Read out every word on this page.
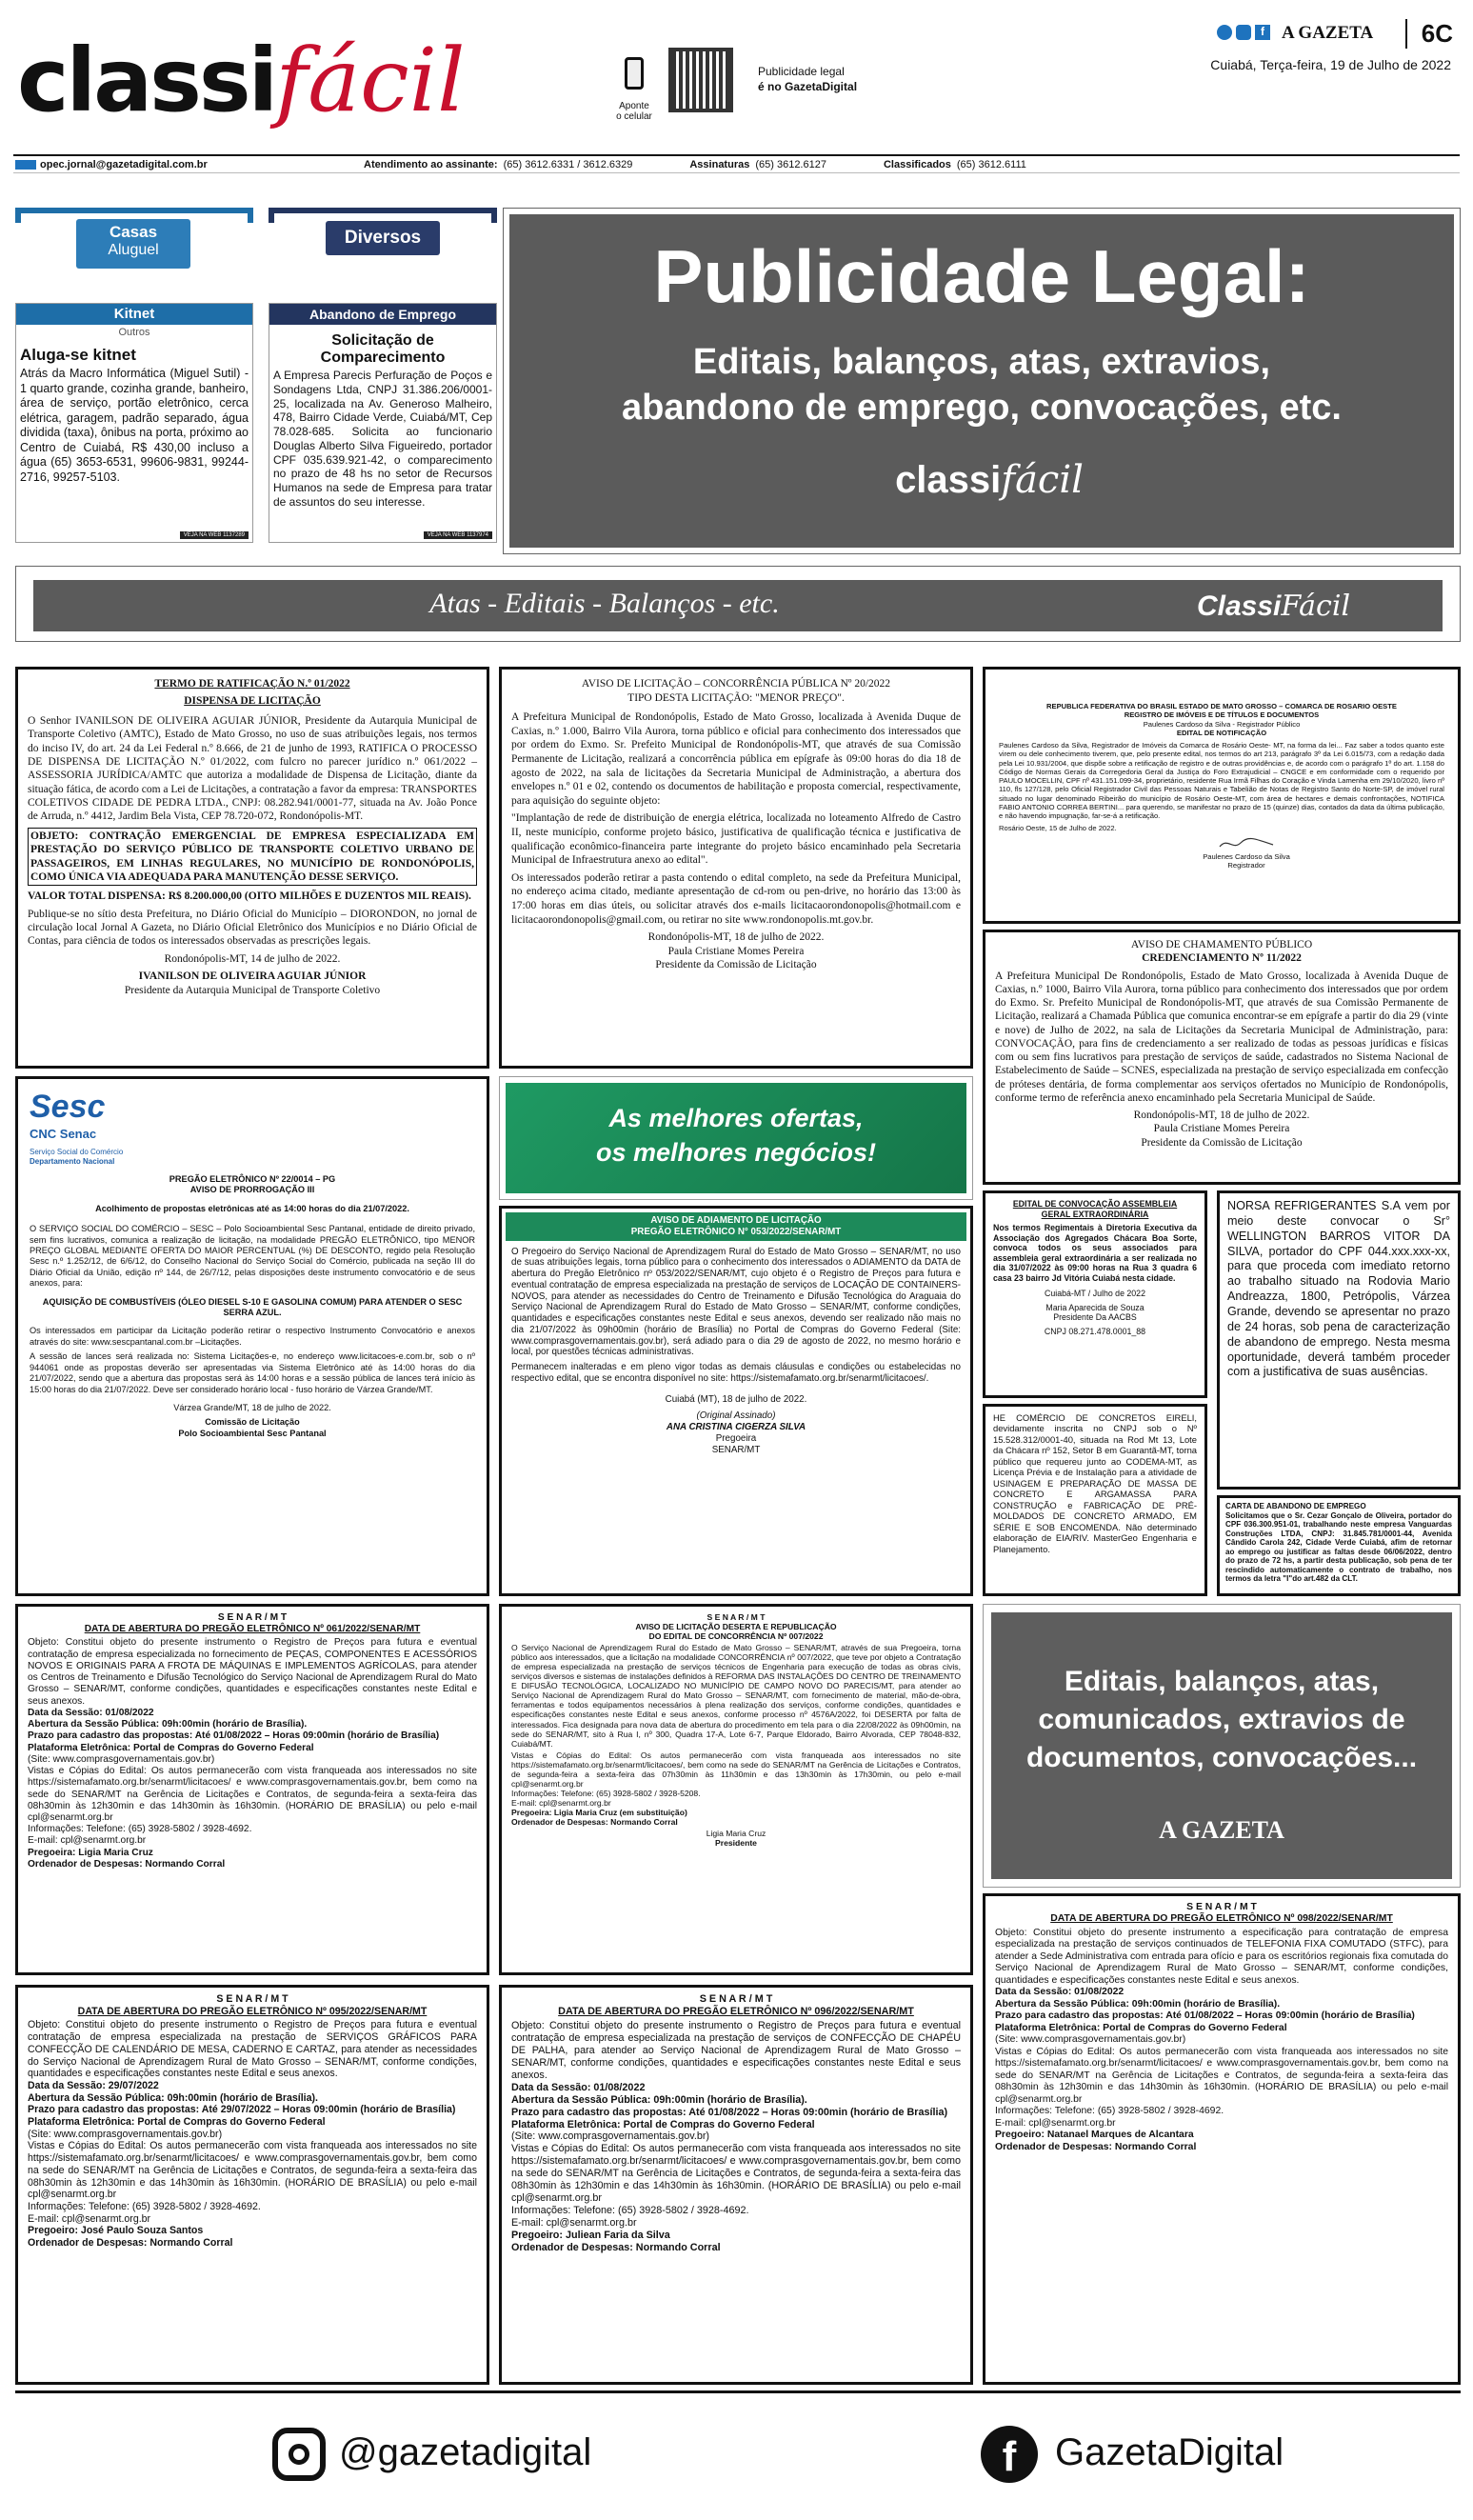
classifácil	Aponte
o celular
Publicidade legal
é no GazetaDigital
f A GAZETA	6C
Cuiabá, Terça-feira, 19 de Julho de 2022
opec.jornal@gazetadigital.com.br	Atendimento ao assinante: (65) 3612.6331 / 3612.6329	Assinaturas (65) 3612.6127	Classificados (65) 3612.6111
Casas
Aluguel
Diversos
Kitnet
Outros
Aluga-se kitnet
Atrás da Macro Informática (Miguel Sutil) - 1 quarto grande, cozinha grande, banheiro, área de serviço, portão eletrônico, cerca elétrica, garagem, padrão separado, água dividida (taxa), ônibus na porta, próximo ao Centro de Cuiabá, R$ 430,00 incluso a água (65) 3653-6531, 99606-9831, 99244-2716, 99257-5103.
VEJA NA WEB 1137289
Abandono de Emprego
Solicitação de
Comparecimento
A Empresa Parecis Perfuração de Poços e Sondagens Ltda, CNPJ 31.386.206/0001-25, localizada na Av. Generoso Malheiro, 478, Bairro Cidade Verde, Cuiabá/MT, Cep 78.028-685. Solicita ao funcionario Douglas Alberto Silva Figueiredo, portador CPF 035.639.921-42, o comparecimento no prazo de 48 hs no setor de Recursos Humanos na sede de Empresa para tratar de assuntos do seu interesse.
VEJA NA WEB 1137974
Publicidade Legal:
Editais, balanços, atas, extravios,
abandono de emprego, convocações, etc.
classifácil
Atas - Editais - Balanços - etc.	ClassiFácil

TERMO DE RATIFICAÇÃO N.º 01/2022

DISPENSA DE LICITAÇÃO

O Senhor IVANILSON DE OLIVEIRA AGUIAR JÚNIOR, Presidente da Autarquia Municipal de Transporte Coletivo (AMTC), Estado de Mato Grosso, no uso de suas atribuições legais, nos termos do inciso IV, do art. 24 da Lei Federal n.º 8.666, de 21 de junho de 1993, RATIFICA O PROCESSO DE DISPENSA DE LICITAÇÃO N.º 01/2022, com fulcro no parecer jurídico n.º 061/2022 – ASSESSORIA JURÍDICA/AMTC que autoriza a modalidade de Dispensa de Licitação, diante da situação fática, de acordo com a Lei de Licitações, a contratação a favor da empresa: TRANSPORTES COLETIVOS CIDADE DE PEDRA LTDA., CNPJ: 08.282.941/0001-77, situada na Av. João Ponce de Arruda, n.º 4412, Jardim Bela Vista, CEP 78.720-072, Rondonópolis-MT.

OBJETO: CONTRAÇÃO EMERGENCIAL DE EMPRESA ESPECIALIZADA EM PRESTAÇÃO DO SERVIÇO PÚBLICO DE TRANSPORTE COLETIVO URBANO DE PASSAGEIROS, EM LINHAS REGULARES, NO MUNICÍPIO DE RONDONÓPOLIS, COMO ÚNICA VIA ADEQUADA PARA MANUTENÇÃO DESSE SERVIÇO.

VALOR TOTAL DISPENSA: R$ 8.200.000,00 (OITO MILHÕES E DUZENTOS MIL REAIS).

Publique-se no sítio desta Prefeitura, no Diário Oficial do Município – DIORONDON, no jornal de circulação local Jornal A Gazeta, no Diário Oficial Eletrônico dos Municípios e no Diário Oficial de Contas, para ciência de todos os interessados observadas as prescrições legais.

Rondonópolis-MT, 14 de julho de 2022.

IVANILSON DE OLIVEIRA AGUIAR JÚNIOR

Presidente da Autarquia Municipal de Transporte Coletivo

AVISO DE LICITAÇÃO – CONCORRÊNCIA PÚBLICA Nº 20/2022

TIPO DESTA LICITAÇÃO: "MENOR PREÇO".

A Prefeitura Municipal de Rondonópolis, Estado de Mato Grosso, localizada à Avenida Duque de Caxias, n.º 1.000, Bairro Vila Aurora, torna público e oficial para conhecimento dos interessados que por ordem do Exmo. Sr. Prefeito Municipal de Rondonópolis-MT, que através de sua Comissão Permanente de Licitação, realizará a concorrência pública em epígrafe às 09:00 horas do dia 18 de agosto de 2022, na sala de licitações da Secretaria Municipal de Administração, a abertura dos envelopes n.º 01 e 02, contendo os documentos de habilitação e proposta comercial, respectivamente, para aquisição do seguinte objeto:

"Implantação de rede de distribuição de energia elétrica, localizada no loteamento Alfredo de Castro II, neste município, conforme projeto básico, justificativa de qualificação técnica e justificativa de qualificação econômico-financeira parte integrante do projeto básico encaminhado pela Secretaria Municipal de Infraestrutura anexo ao edital".

Os interessados poderão retirar a pasta contendo o edital completo, na sede da Prefeitura Municipal, no endereço acima citado, mediante apresentação de cd-rom ou pen-drive, no horário das 13:00 às 17:00 horas em dias úteis, ou solicitar através dos e-mails licitacaorondonopolis@hotmail.com e licitacaorondonopolis@gmail.com, ou retirar no site www.rondonopolis.mt.gov.br.

Rondonópolis-MT, 18 de julho de 2022.

Paula Cristiane Momes Pereira

Presidente da Comissão de Licitação

REPUBLICA FEDERATIVA DO BRASIL ESTADO DE MATO GROSSO – COMARCA DE ROSARIO OESTE

REGISTRO DE IMÓVEIS E DE TÍTULOS E DOCUMENTOS

Paulenes Cardoso da Silva - Registrador Público

EDITAL DE NOTIFICAÇÃO

Paulenes Cardoso da Silva, Registrador de Imóveis da Comarca de Rosário Oeste- MT, na forma da lei... Faz saber a todos quanto este virem ou dele conhecimento tiverem, que, pelo presente edital, nos termos do art 213, parágrafo 3º da Lei 6.015/73, com a redação dada pela Lei 10.931/2004, que dispõe sobre a retificação de registro e de outras providências e, de acordo com o parágrafo 1º do art. 1.158 do Código de Normas Gerais da Corregedoria Geral da Justiça do Foro Extrajudicial – CNGCE e em conformidade com o requerido por PAULO MOCELLIN, CPF nº 431.151.099-34, proprietário, residente Rua Irmã Filhas do Coração e Vinda Lamenha em 29/10/2020, livro nº 110, fls 127/128, pelo Oficial Registrador Civil das Pessoas Naturais e Tabelião de Notas de Registro Santo do Norte-SP, de imóvel rural situado no lugar denominado Ribeirão do município de Rosário Oeste-MT, com área de hectares e demais confrontações, NOTIFICA FABIO ANTONIO CORREA BERTINI... para querendo, se manifestar no prazo de 15 (quinze) dias, contados da data da última publicação, e não havendo impugnação, far-se-á a retificação.

Rosário Oeste, 15 de Julho de 2022.

Paulenes Cardoso da Silva
Registrador

AVISO DE CHAMAMENTO PÚBLICO

CREDENCIAMENTO Nº 11/2022

A Prefeitura Municipal De Rondonópolis, Estado de Mato Grosso, localizada à Avenida Duque de Caxias, n.º 1000, Bairro Vila Aurora, torna público para conhecimento dos interessados que por ordem do Exmo. Sr. Prefeito Municipal de Rondonópolis-MT, que através de sua Comissão Permanente de Licitação, realizará a Chamada Pública que comunica encontrar-se em epígrafe a partir do dia 29 (vinte e nove) de Julho de 2022, na sala de Licitações da Secretaria Municipal de Administração, para: CONVOCAÇÃO, para fins de credenciamento a ser realizado de todas as pessoas jurídicas e físicas com ou sem fins lucrativos para prestação de serviços de saúde, cadastrados no Sistema Nacional de Estabelecimento de Saúde – SCNES, especializada na prestação de serviço especializada em confecção de próteses dentária, de forma complementar aos serviços ofertados no Município de Rondonópolis, conforme termo de referência anexo encaminhado pela Secretaria Municipal de Saúde.

Rondonópolis-MT, 18 de julho de 2022.

Paula Cristiane Momes Pereira

Presidente da Comissão de Licitação

Sesc
CNC Senac
Serviço Social do Comércio
Departamento Nacional

PREGÃO ELETRÔNICO Nº 22/0014 – PG

AVISO DE PRORROGAÇÃO III

Acolhimento de propostas eletrônicas até as 14:00 horas do dia 21/07/2022.

O SERVIÇO SOCIAL DO COMÉRCIO – SESC – Polo Socioambiental Sesc Pantanal, entidade de direito privado, sem fins lucrativos, comunica a realização de licitação, na modalidade PREGÃO ELETRÔNICO, tipo MENOR PREÇO GLOBAL MEDIANTE OFERTA DO MAIOR PERCENTUAL (%) DE DESCONTO, regido pela Resolução Sesc n.º 1.252/12, de 6/6/12, do Conselho Nacional do Serviço Social do Comércio, publicada na seção III do Diário Oficial da União, edição nº 144, de 26/7/12, pelas disposições deste instrumento convocatório e de seus anexos, para:

AQUISIÇÃO DE COMBUSTÍVEIS (ÓLEO DIESEL S-10 E GASOLINA COMUM) PARA ATENDER O SESC SERRA AZUL.

Os interessados em participar da Licitação poderão retirar o respectivo Instrumento Convocatório e anexos através do site: www.sescpantanal.com.br –Licitações.

A sessão de lances será realizada no: Sistema Licitações-e, no endereço www.licitacoes-e.com.br, sob o nº 944061 onde as propostas deverão ser apresentadas via Sistema Eletrônico até às 14:00 horas do dia 21/07/2022, sendo que a abertura das propostas será às 14:00 horas e a sessão pública de lances terá início às 15:00 horas do dia 21/07/2022. Deve ser considerado horário local - fuso horário de Várzea Grande/MT.

Várzea Grande/MT, 18 de julho de 2022.

Comissão de Licitação

Polo Socioambiental Sesc Pantanal

As melhores ofertas,
os melhores negócios!
AVISO DE ADIAMENTO DE LICITAÇÃO
PREGÃO ELETRÔNICO N° 053/2022/SENAR/MT

O Pregoeiro do Serviço Nacional de Aprendizagem Rural do Estado de Mato Grosso – SENAR/MT, no uso de suas atribuições legais, torna público para o conhecimento dos interessados o ADIAMENTO da DATA de abertura do Pregão Eletrônico nº 053/2022/SENAR/MT, cujo objeto é o Registro de Preços para futura e eventual contratação de empresa especializada na prestação de serviços de LOCAÇÃO DE CONTAINERS-NOVOS, para atender as necessidades do Centro de Treinamento e Difusão Tecnológica do Araguaia do Serviço Nacional de Aprendizagem Rural do Estado de Mato Grosso – SENAR/MT, conforme condições, quantidades e especificações constantes neste Edital e seus anexos, devendo ser realizado não mais no dia 21/07/2022 às 09h00min (horário de Brasília) no Portal de Compras do Governo Federal (Site: www.comprasgovernamentais.gov.br), será adiado para o dia 29 de agosto de 2022, no mesmo horário e local, por questões técnicas administrativas.

Permanecem inalteradas e em pleno vigor todas as demais cláusulas e condições ou estabelecidas no respectivo edital, que se encontra disponível no site: https://sistemafamato.org.br/senarmt/licitacoes/.

Cuiabá (MT), 18 de julho de 2022.

(Original Assinado)

ANA CRISTINA CIGERZA SILVA

Pregoeira

SENAR/MT

EDITAL DE CONVOCAÇÃO ASSEMBLEIA

GERAL EXTRAORDINÁRIA

Nos termos Regimentais à Diretoria Executiva da Associação dos Agregados Chácara Boa Sorte, convoca todos os seus associados para assembleia geral extraordinária a ser realizada no dia 31/07/2022 às 09:00 horas na Rua 3 quadra 6 casa 23 bairro Jd Vitória Cuiabá nesta cidade.

Cuiabá-MT / Julho de 2022

Maria Aparecida de Souza

Presidente Da AACBS

CNPJ 08.271.478.0001_88

HE COMÉRCIO DE CONCRETOS EIRELI, devidamente inscrita no CNPJ sob o Nº 15.528.312/0001-40, situada na Rod Mt 13, Lote da Chácara nº 152, Setor B em Guarantã-MT, torna público que requereu junto ao CODEMA-MT, as Licença Prévia e de Instalação para a atividade de USINAGEM E PREPARAÇÃO DE MASSA DE CONCRETO E ARGAMASSA PARA CONSTRUÇÃO e FABRICAÇÃO DE PRÉ-MOLDADOS DE CONCRETO ARMADO, EM SÉRIE E SOB ENCOMENDA. Não determinado elaboração de EIA/RIV. MasterGeo Engenharia e Planejamento.

NORSA REFRIGERANTES S.A vem por meio deste convocar o Sr° WELLINGTON BARROS VITOR DA SILVA, portador do CPF 044.xxx.xxx-xx, para que proceda com imediato retorno ao trabalho situado na Rodovia Mario Andreazza, 1800, Petrópolis, Várzea Grande, devendo se apresentar no prazo de 24 horas, sob pena de caracterização de abandono de emprego. Nesta mesma oportunidade, deverá também proceder com a justificativa de suas ausências.

CARTA DE ABANDONO DE EMPREGO

Solicitamos que o Sr. Cezar Gonçalo de Oliveira, portador do CPF 036.300.951-01, trabalhando neste empresa Vanguardas Construções LTDA, CNPJ: 31.845.781/0001-44, Avenida Cândido Carola 242, Cidade Verde Cuiabá, afim de retornar ao emprego ou justificar as faltas desde 06/06/2022, dentro do prazo de 72 hs, a partir desta publicação, sob pena de ter rescindido automaticamente o contrato de trabalho, nos termos da letra "I"do art.482 da CLT.

S E N A R / M T

DATA DE ABERTURA DO PREGÃO ELETRÔNICO Nº 061/2022/SENAR/MT

Objeto: Constitui objeto do presente instrumento o Registro de Preços para futura e eventual contratação de empresa especializada no fornecimento de PEÇAS, COMPONENTES E ACESSÓRIOS NOVOS E ORIGINAIS PARA A FROTA DE MÁQUINAS E IMPLEMENTOS AGRÍCOLAS, para atender os Centros de Treinamento e Difusão Tecnológico do Serviço Nacional de Aprendizagem Rural do Mato Grosso – SENAR/MT, conforme condições, quantidades e especificações constantes neste Edital e seus anexos.

Data da Sessão: 01/08/2022

Abertura da Sessão Pública: 09h:00min (horário de Brasília).

Prazo para cadastro das propostas: Até 01/08/2022 – Horas 09:00min (horário de Brasília)

Plataforma Eletrônica: Portal de Compras do Governo Federal

(Site: www.comprasgovernamentais.gov.br)

Vistas e Cópias do Edital: Os autos permanecerão com vista franqueada aos interessados no site https://sistemafamato.org.br/senarmt/licitacoes/ e www.comprasgovernamentais.gov.br, bem como na sede do SENAR/MT na Gerência de Licitações e Contratos, de segunda-feira a sexta-feira das 08h30min às 12h30min e das 14h30min às 16h30min. (HORÁRIO DE BRASÍLIA) ou pelo e-mail cpl@senarmt.org.br

Informações: Telefone: (65) 3928-5802 / 3928-4692.

E-mail: cpl@senarmt.org.br

Pregoeira: Ligia Maria Cruz

Ordenador de Despesas: Normando Corral

S E N A R / M T

AVISO DE LICITAÇÃO DESERTA E REPUBLICAÇÃO

DO EDITAL DE CONCORRÊNCIA Nº 007/2022

O Serviço Nacional de Aprendizagem Rural do Estado de Mato Grosso – SENAR/MT, através de sua Pregoeira, torna público aos interessados, que a licitação na modalidade CONCORRÊNCIA nº 007/2022, que teve por objeto a Contratação de empresa especializada na prestação de serviços técnicos de Engenharia para execução de todas as obras civis, serviços diversos e sistemas de instalações definidos à REFORMA DAS INSTALAÇÕES DO CENTRO DE TREINAMENTO E DIFUSÃO TECNOLÓGICA, LOCALIZADO NO MUNICÍPIO DE CAMPO NOVO DO PARECIS/MT, para atender ao Serviço Nacional de Aprendizagem Rural do Mato Grosso – SENAR/MT, com fornecimento de material, mão-de-obra, ferramentas e todos equipamentos necessários à plena realização dos serviços, conforme condições, quantidades e especificações constantes neste Edital e seus anexos, conforme processo nº 4576A/2022, foi DESERTA por falta de interessados. Fica designada para nova data de abertura do procedimento em tela para o dia 22/08/2022 às 09h00min, na sede do SENAR/MT, sito à Rua I, nº 300, Quadra 17-A, Lote 6-7, Parque Eldorado, Bairro Alvorada, CEP 78048-832, Cuiabá/MT.

Vistas e Cópias do Edital: Os autos permanecerão com vista franqueada aos interessados no site https://sistemafamato.org.br/senarmt/licitacoes/, bem como na sede do SENAR/MT na Gerência de Licitações e Contratos, de segunda-feira a sexta-feira das 07h30min às 11h30min e das 13h30min às 17h30min, ou pelo e-mail cpl@senarmt.org.br

Informações: Telefone: (65) 3928-5802 / 3928-5208.

E-mail: cpl@senarmt.org.br

Pregoeira: Ligia Maria Cruz (em substituição)

Ordenador de Despesas: Normando Corral

Ligia Maria Cruz

Presidente

Editais, balanços, atas,
comunicados, extravios de
documentos, convocações...
A GAZETA

S E N A R / M T

DATA DE ABERTURA DO PREGÃO ELETRÔNICO Nº 095/2022/SENAR/MT

Objeto: Constitui objeto do presente instrumento o Registro de Preços para futura e eventual contratação de empresa especializada na prestação de SERVIÇOS GRÁFICOS PARA CONFECÇÃO DE CALENDÁRIO DE MESA, CADERNO E CARTAZ, para atender as necessidades do Serviço Nacional de Aprendizagem Rural de Mato Grosso – SENAR/MT, conforme condições, quantidades e especificações constantes neste Edital e seus anexos.

Data da Sessão: 29/07/2022

Abertura da Sessão Pública: 09h:00min (horário de Brasília).

Prazo para cadastro das propostas: Até 29/07/2022 – Horas 09:00min (horário de Brasília)

Plataforma Eletrônica: Portal de Compras do Governo Federal

(Site: www.comprasgovernamentais.gov.br)

Vistas e Cópias do Edital: Os autos permanecerão com vista franqueada aos interessados no site https://sistemafamato.org.br/senarmt/licitacoes/ e www.comprasgovernamentais.gov.br, bem como na sede do SENAR/MT na Gerência de Licitações e Contratos, de segunda-feira a sexta-feira das 08h30min às 12h30min e das 14h30min às 16h30min. (HORÁRIO DE BRASÍLIA) ou pelo e-mail cpl@senarmt.org.br

Informações: Telefone: (65) 3928-5802 / 3928-4692.

E-mail: cpl@senarmt.org.br

Pregoeiro: José Paulo Souza Santos

Ordenador de Despesas: Normando Corral

S E N A R / M T

DATA DE ABERTURA DO PREGÃO ELETRÔNICO Nº 096/2022/SENAR/MT

Objeto: Constitui objeto do presente instrumento o Registro de Preços para futura e eventual contratação de empresa especializada na prestação de serviços de CONFECÇÃO DE CHAPÉU DE PALHA, para atender ao Serviço Nacional de Aprendizagem Rural de Mato Grosso – SENAR/MT, conforme condições, quantidades e especificações constantes neste Edital e seus anexos.

Data da Sessão: 01/08/2022

Abertura da Sessão Pública: 09h:00min (horário de Brasília).

Prazo para cadastro das propostas: Até 01/08/2022 – Horas 09:00min (horário de Brasília)

Plataforma Eletrônica: Portal de Compras do Governo Federal

(Site: www.comprasgovernamentais.gov.br)

Vistas e Cópias do Edital: Os autos permanecerão com vista franqueada aos interessados no site https://sistemafamato.org.br/senarmt/licitacoes/ e www.comprasgovernamentais.gov.br, bem como na sede do SENAR/MT na Gerência de Licitações e Contratos, de segunda-feira a sexta-feira das 08h30min às 12h30min e das 14h30min às 16h30min. (HORÁRIO DE BRASÍLIA) ou pelo e-mail cpl@senarmt.org.br

Informações: Telefone: (65) 3928-5802 / 3928-4692.

E-mail: cpl@senarmt.org.br

Pregoeiro: Juliean Faria da Silva

Ordenador de Despesas: Normando Corral

S E N A R / M T

DATA DE ABERTURA DO PREGÃO ELETRÔNICO Nº 098/2022/SENAR/MT

Objeto: Constitui objeto do presente instrumento a especificação para contratação de empresa especializada na prestação de serviços continuados de TELEFONIA FIXA COMUTADO (STFC), para atender a Sede Administrativa com entrada para ofício e para os escritórios regionais fixa comutada do Serviço Nacional de Aprendizagem Rural de Mato Grosso – SENAR/MT, conforme condições, quantidades e especificações constantes neste Edital e seus anexos.

Data da Sessão: 01/08/2022

Abertura da Sessão Pública: 09h:00min (horário de Brasília).

Prazo para cadastro das propostas: Até 01/08/2022 – Horas 09:00min (horário de Brasília)

Plataforma Eletrônica: Portal de Compras do Governo Federal

(Site: www.comprasgovernamentais.gov.br)

Vistas e Cópias do Edital: Os autos permanecerão com vista franqueada aos interessados no site https://sistemafamato.org.br/senarmt/licitacoes/ e www.comprasgovernamentais.gov.br, bem como na sede do SENAR/MT na Gerência de Licitações e Contratos, de segunda-feira a sexta-feira das 08h30min às 12h30min e das 14h30min às 16h30min. (HORÁRIO DE BRASÍLIA) ou pelo e-mail cpl@senarmt.org.br

Informações: Telefone: (65) 3928-5802 / 3928-4692.

E-mail: cpl@senarmt.org.br

Pregoeiro: Natanael Marques de Alcantara

Ordenador de Despesas: Normando Corral

@gazetadigital	f	GazetaDigital
